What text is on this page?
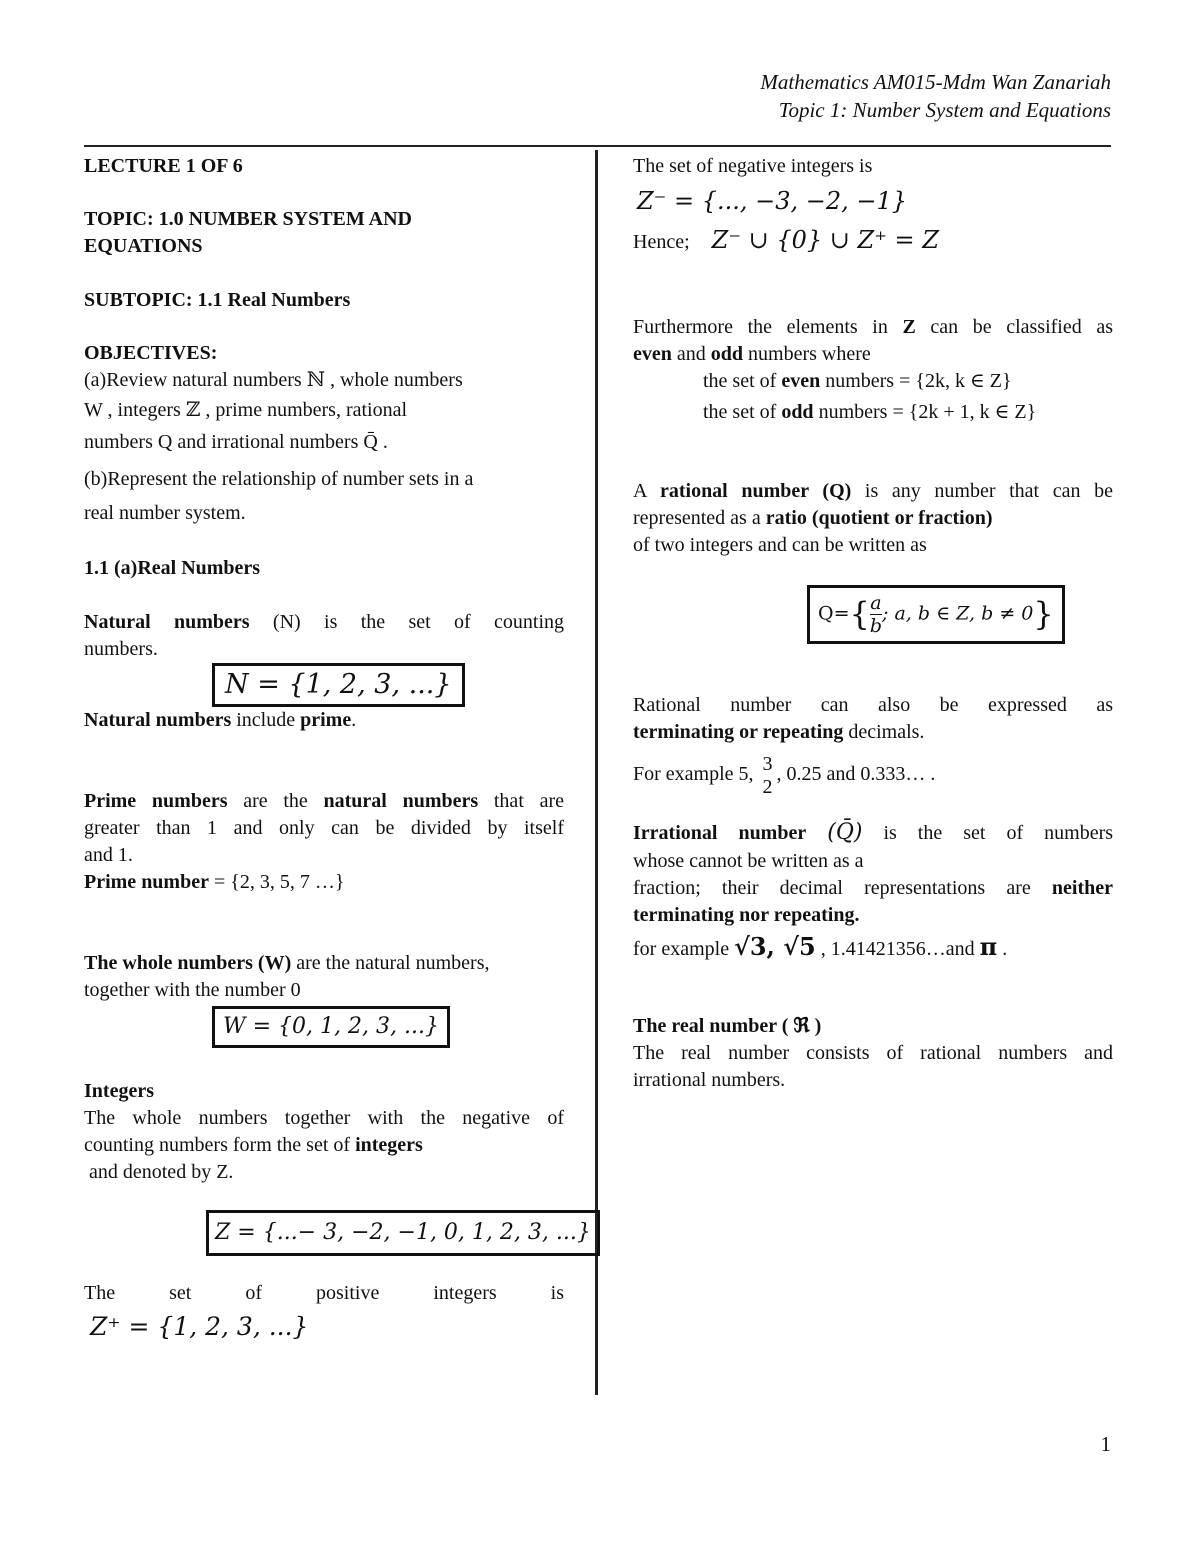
Mathematics AM015-Mdm Wan Zanariah
Topic 1: Number System and Equations

LECTURE 1 OF 6

TOPIC: 1.0 NUMBER SYSTEM AND

EQUATIONS

SUBTOPIC: 1.1 Real Numbers

OBJECTIVES:

(a)Review natural numbers ℕ , whole numbers

W , integers ℤ , prime numbers, rational

numbers Q and irrational numbers Q̄ .

(b)Represent the relationship of number sets in a

real number system.

1.1 (a)Real Numbers

Natural numbers (N) is the set of counting

numbers.

N = {1, 2, 3, ...}

Natural numbers include prime.

Prime numbers are the natural numbers that are

greater than 1 and only can be divided by itself

and 1.

Prime number = {2, 3, 5, 7 …}

The whole numbers (W) are the natural numbers,

together with the number 0

W = {0, 1, 2, 3, ...}

Integers

The whole numbers together with the negative of

counting numbers form the set of integers

and denoted by Z.

Z = {...− 3, −2, −1, 0, 1, 2, 3, ...}

The	set	of	positive	integers	is

Z⁺ = {1, 2, 3, ...}

The set of negative integers is

Z⁻ = {..., −3, −2, −1}

Hence; Z⁻ ∪ {0} ∪ Z⁺ = Z

Furthermore the elements in Z can be classified as

even and odd numbers where

the set of even numbers = {2k, k ∈ Z}

the set of odd numbers = {2k + 1, k ∈ Z}

A rational number (Q) is any number that can be

represented as a ratio (quotient or fraction)

of two integers and can be written as

$Q=\{ \frac{a}{b}$ ; a, b ∈ Z, b ≠ 0}

Rational number can also be expressed as

terminating or repeating decimals.

For example 5, $\frac{3}{2}$ , 0.25 and 0.333… .

Irrational number (Q̄) is the set of numbers

whose cannot be written as a

fraction; their decimal representations are neither

terminating nor repeating.

for example √3, √5 , 1.41421356…and π .

The real number ( ℜ )

The real number consists of rational numbers and

irrational numbers.

1
